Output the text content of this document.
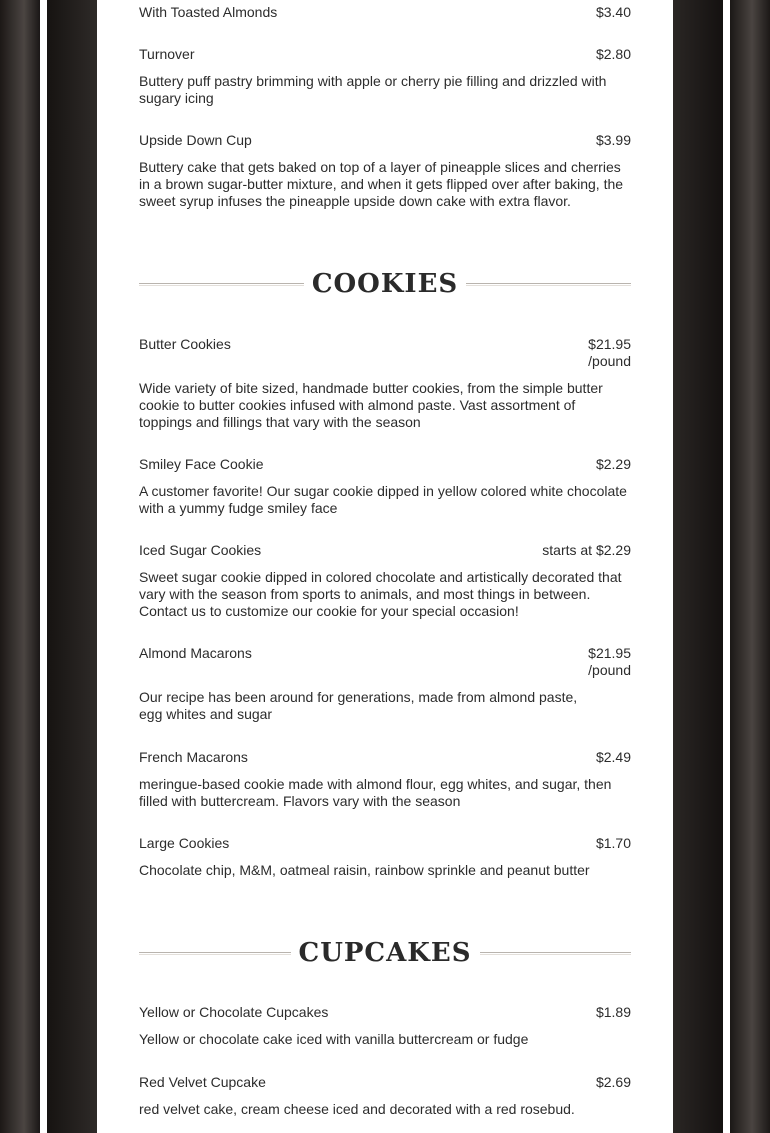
With Toasted Almonds	$3.40
Turnover	$2.80
Buttery puff pastry brimming with apple or cherry pie filling and drizzled with sugary icing
Upside Down Cup	$3.99
Buttery cake that gets baked on top of a layer of pineapple slices and cherries in a brown sugar-butter mixture, and when it gets flipped over after baking, the sweet syrup infuses the pineapple upside down cake with extra flavor.
COOKIES
Butter Cookies	$21.95
/pound
Wide variety of bite sized, handmade butter cookies, from the simple butter cookie to butter cookies infused with almond paste. Vast assortment of toppings and fillings that vary with the season
Smiley Face Cookie	$2.29
A customer favorite! Our sugar cookie dipped in yellow colored white chocolate with a yummy fudge smiley face
Iced Sugar Cookies	starts at $2.29
Sweet sugar cookie dipped in colored chocolate and artistically decorated that vary with the season from sports to animals, and most things in between. Contact us to customize our cookie for your special occasion!
Almond Macarons	$21.95
/pound
Our recipe has been around for generations, made from almond paste, egg whites and sugar
French Macarons	$2.49
meringue-based cookie made with almond flour, egg whites, and sugar, then filled with buttercream. Flavors vary with the season
Large Cookies	$1.70
Chocolate chip, M&M, oatmeal raisin, rainbow sprinkle and peanut butter
CUPCAKES
Yellow or Chocolate Cupcakes	$1.89
Yellow or chocolate cake iced with vanilla buttercream or fudge
Red Velvet Cupcake	$2.69
red velvet cake, cream cheese iced and decorated with a red rosebud.
